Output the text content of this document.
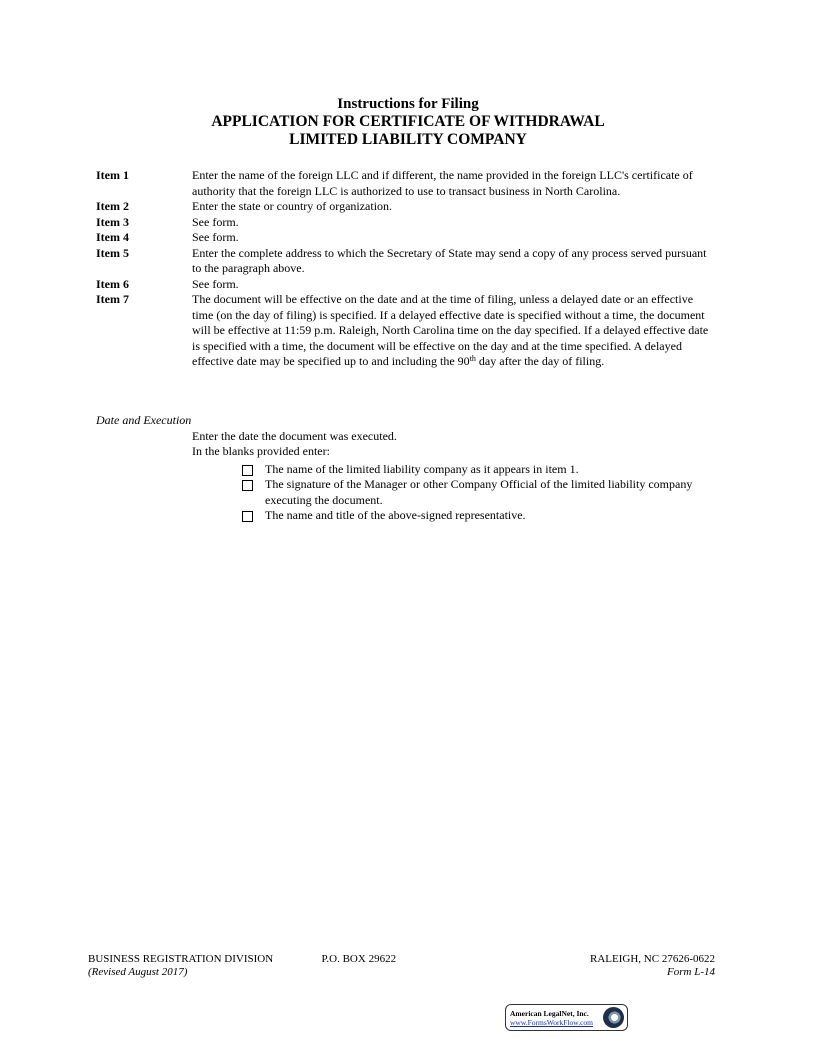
Instructions for Filing
APPLICATION FOR CERTIFICATE OF WITHDRAWAL
LIMITED LIABILITY COMPANY
Item 1	Enter the name of the foreign LLC and if different, the name provided in the foreign LLC's certificate of authority that the foreign LLC is authorized to use to transact business in North Carolina.
Item 2	Enter the state or country of organization.
Item 3	See form.
Item 4	See form.
Item 5	Enter the complete address to which the Secretary of State may send a copy of any process served pursuant to the paragraph above.
Item 6	See form.
Item 7	The document will be effective on the date and at the time of filing, unless a delayed date or an effective time (on the day of filing) is specified. If a delayed effective date is specified without a time, the document will be effective at 11:59 p.m. Raleigh, North Carolina time on the day specified. If a delayed effective date is specified with a time, the document will be effective on the day and at the time specified. A delayed effective date may be specified up to and including the 90th day after the day of filing.
Date and Execution
Enter the date the document was executed.
In the blanks provided enter:
The name of the limited liability company as it appears in item 1.
The signature of the Manager or other Company Official of the limited liability company executing the document.
The name and title of the above-signed representative.
BUSINESS REGISTRATION DIVISION	P.O. BOX 29622	RALEIGH, NC 27626-0622
(Revised August 2017)	Form L-14
American LegalNet, Inc.
www.FormsWorkFlow.com
